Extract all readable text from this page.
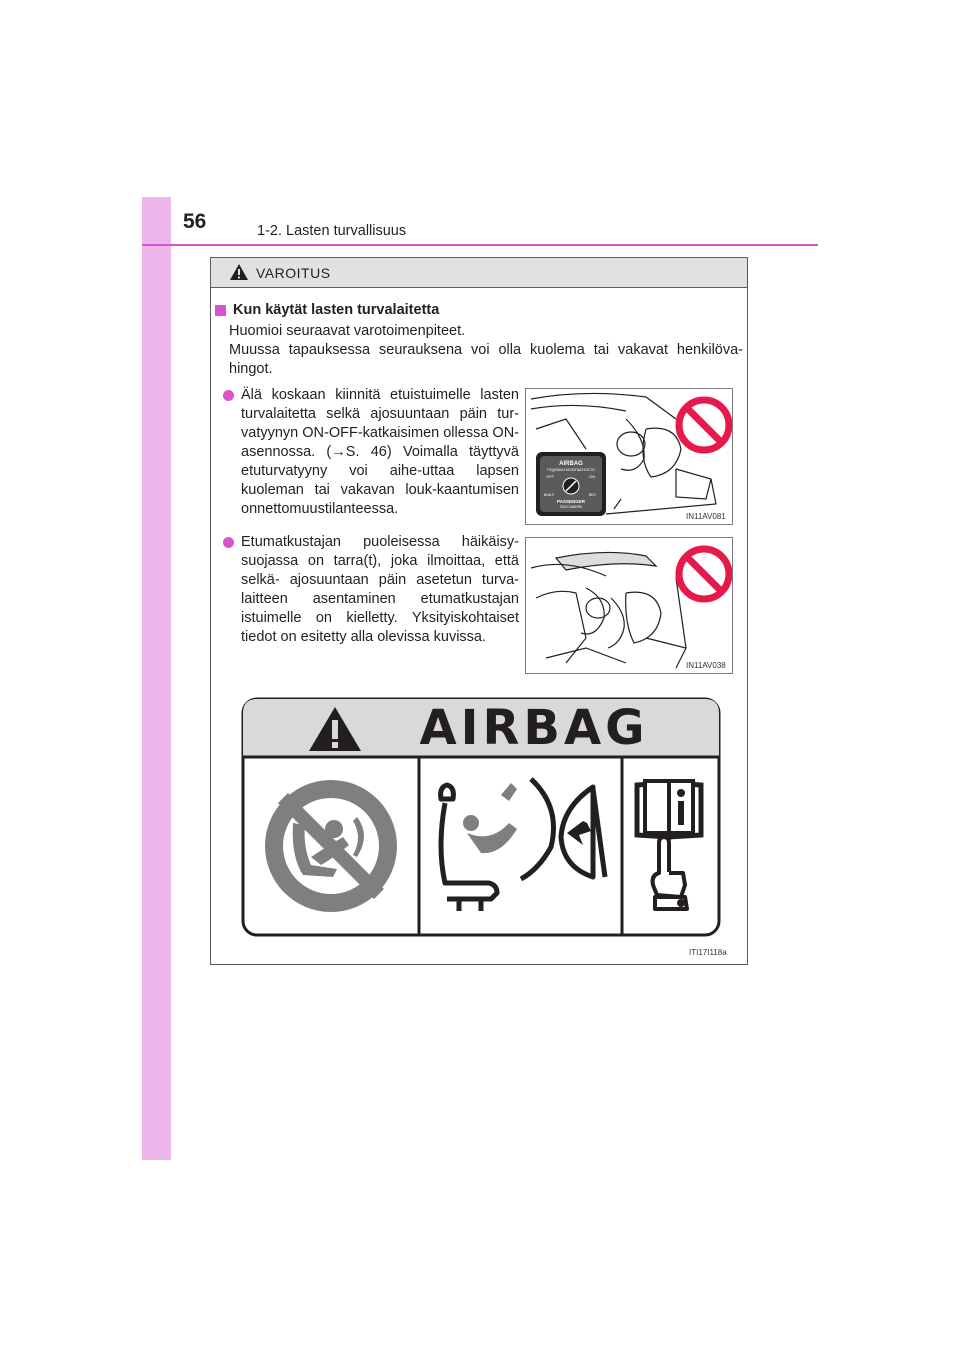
56	1-2. Lasten turvallisuus
VAROITUS
Kun käytät lasten turvalaitetta
Huomioi seuraavat varotoimenpiteet.
Muussa tapauksessa seurauksena voi olla kuolema tai vakavat henkilöva-hingot.
Älä koskaan kiinnitä etuistuimelle lasten turvalaitetta selkä ajosuuntaan päin tur-vatyynyn ON-OFF-katkaisimen ollessa ON-asennossa. (→S. 46) Voimalla täyttyvä etuturvatyyny voi aihe-uttaa lapsen kuoleman tai vakavan louk-kaantumisen onnettomuustilanteessa.
AIRBAG
ПОДУШКИ БЕЗОПАСНОСТИ
OFF	ON
ВЫКЛ	ВКЛ
PASSENGER
ПАССАЖИРА
IN11AV081
Etumatkustajan puoleisessa häikäisy-suojassa on tarra(t), joka ilmoittaa, että selkä- ajosuuntaan päin asetetun turva-laitteen asentaminen etumatkustajan istuimelle on kielletty. Yksityiskohtaiset tiedot on esitetty alla olevissa kuvissa.
IN11AV038
AIRBAG
ITI17I118a
